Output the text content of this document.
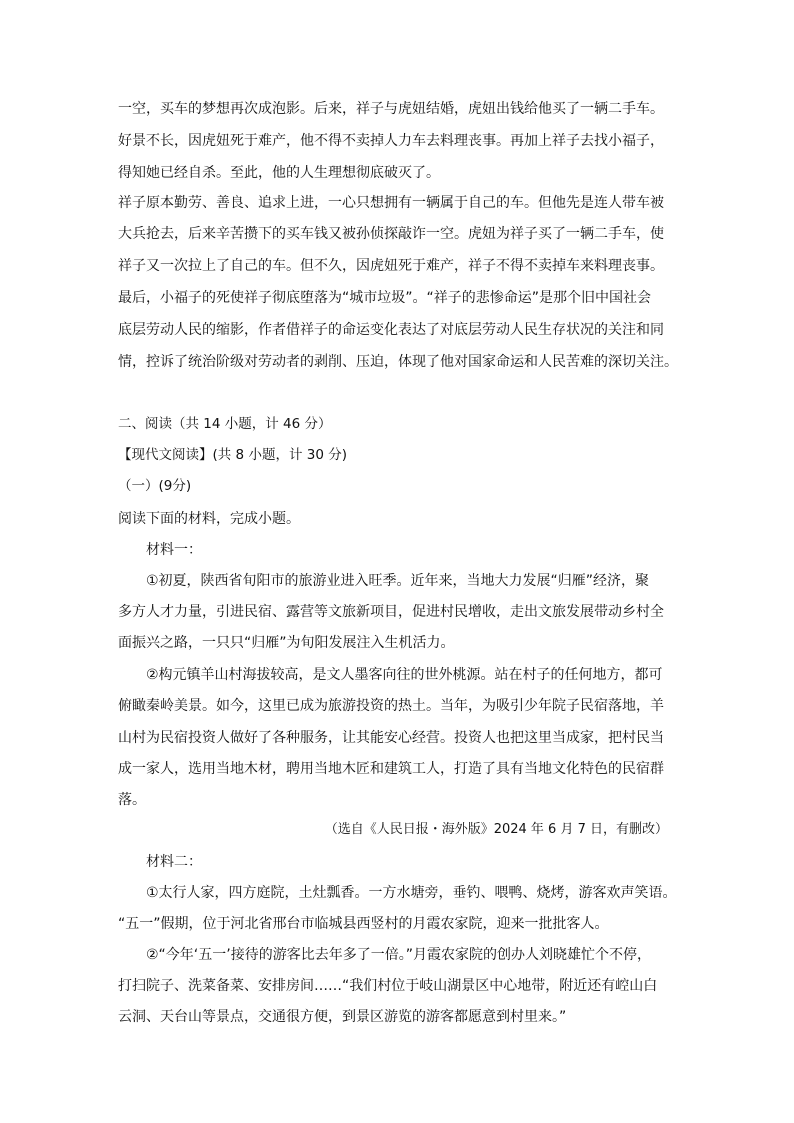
一空，买车的梦想再次成泡影。后来，祥子与虎妞结婚，虎妞出钱给他买了一辆二手车。
好景不长，因虎妞死于难产，他不得不卖掉人力车去料理丧事。再加上祥子去找小福子，
得知她已经自杀。至此，他的人生理想彻底破灭了。
祥子原本勤劳、善良、追求上进，一心只想拥有一辆属于自己的车。但他先是连人带车被
大兵抢去，后来辛苦攒下的买车钱又被孙侦探敲诈一空。虎妞为祥子买了一辆二手车，使
祥子又一次拉上了自己的车。但不久，因虎妞死于难产，祥子不得不卖掉车来料理丧事。
最后，小福子的死使祥子彻底堕落为“城市垃圾”。“祥子的悲惨命运”是那个旧中国社会
底层劳动人民的缩影，作者借祥子的命运变化表达了对底层劳动人民生存状况的关注和同
情，控诉了统治阶级对劳动者的剥削、压迫，体现了他对国家命运和人民苦难的深切关注。
二、阅读（共 14 小题，计 46 分）
【现代文阅读】(共 8 小题，计 30 分)
（一）(9分)
阅读下面的材料，完成小题。
材料一：
①初夏，陕西省旬阳市的旅游业进入旺季。近年来，当地大力发展“归雁”经济，聚
多方人才力量，引进民宿、露营等文旅新项目，促进村民增收，走出文旅发展带动乡村全
面振兴之路，一只只“归雁”为旬阳发展注入生机活力。
②构元镇羊山村海拔较高，是文人墨客向往的世外桃源。站在村子的任何地方，都可
俯瞰秦岭美景。如今，这里已成为旅游投资的热土。当年，为吸引少年院子民宿落地，羊
山村为民宿投资人做好了各种服务，让其能安心经营。投资人也把这里当成家，把村民当
成一家人，选用当地木材，聘用当地木匠和建筑工人，打造了具有当地文化特色的民宿群
落。
（选自《人民日报・海外版》2024 年 6 月 7 日，有删改）
材料二：
①太行人家，四方庭院，土灶瓢香。一方水塘旁，垂钓、喂鸭、烧烤，游客欢声笑语。
“五一”假期，位于河北省邢台市临城县西竖村的月霞农家院，迎来一批批客人。
②“今年‘五一’接待的游客比去年多了一倍。”月霞农家院的创办人刘晓雄忙个不停，
打扫院子、洗菜备菜、安排房间……“我们村位于岐山湖景区中心地带，附近还有崆山白
云洞、天台山等景点，交通很方便，到景区游览的游客都愿意到村里来。”
